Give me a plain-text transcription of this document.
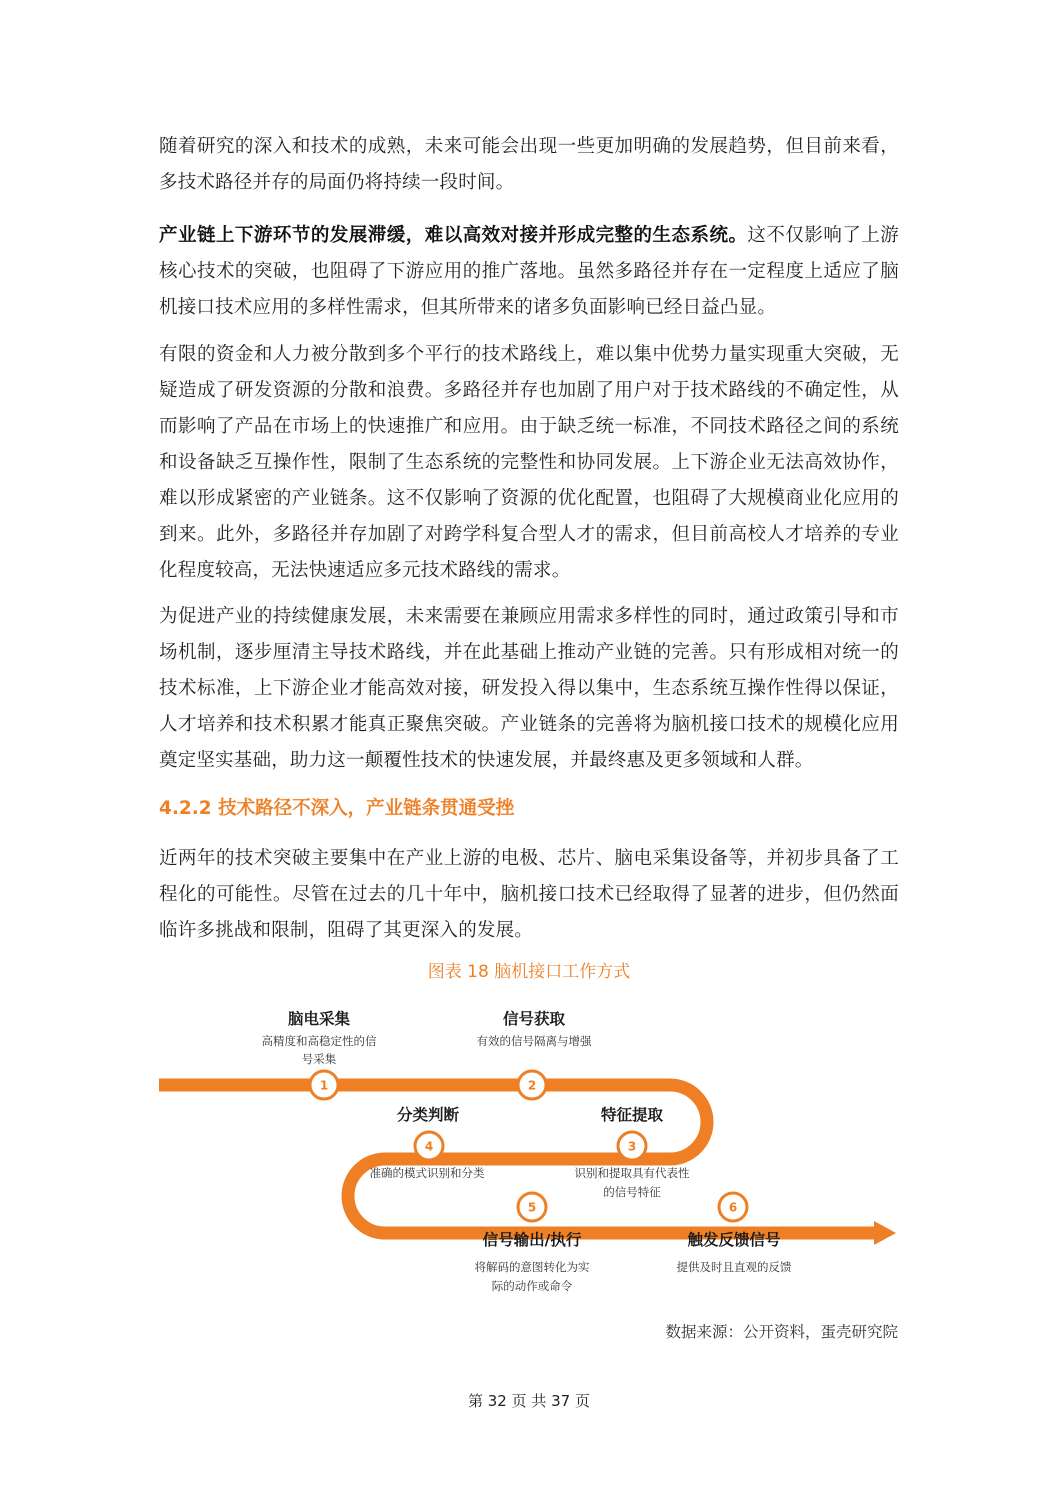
随着研究的深入和技术的成熟，未来可能会出现一些更加明确的发展趋势，但目前来看，多技术路径并存的局面仍将持续一段时间。

产业链上下游环节的发展滞缓，难以高效对接并形成完整的生态系统。这不仅影响了上游核心技术的突破，也阻碍了下游应用的推广落地。虽然多路径并存在一定程度上适应了脑机接口技术应用的多样性需求，但其所带来的诸多负面影响已经日益凸显。

有限的资金和人力被分散到多个平行的技术路线上，难以集中优势力量实现重大突破，无疑造成了研发资源的分散和浪费。多路径并存也加剧了用户对于技术路线的不确定性，从而影响了产品在市场上的快速推广和应用。由于缺乏统一标准，不同技术路径之间的系统和设备缺乏互操作性，限制了生态系统的完整性和协同发展。上下游企业无法高效协作，难以形成紧密的产业链条。这不仅影响了资源的优化配置，也阻碍了大规模商业化应用的到来。此外，多路径并存加剧了对跨学科复合型人才的需求，但目前高校人才培养的专业化程度较高，无法快速适应多元技术路线的需求。

为促进产业的持续健康发展，未来需要在兼顾应用需求多样性的同时，通过政策引导和市场机制，逐步厘清主导技术路线，并在此基础上推动产业链的完善。只有形成相对统一的技术标准，上下游企业才能高效对接，研发投入得以集中，生态系统互操作性得以保证，人才培养和技术积累才能真正聚焦突破。产业链条的完善将为脑机接口技术的规模化应用奠定坚实基础，助力这一颠覆性技术的快速发展，并最终惠及更多领域和人群。

4.2.2 技术路径不深入，产业链条贯通受挫

近两年的技术突破主要集中在产业上游的电极、芯片、脑电采集设备等，并初步具备了工程化的可能性。尽管在过去的几十年中，脑机接口技术已经取得了显著的进步，但仍然面临许多挑战和限制，阻碍了其更深入的发展。

图表 18 脑机接口工作方式
脑电采集
高精度和高稳定性的信
号采集
1
信号获取
有效的信号隔离与增强
2
特征提取
3
识别和提取具有代表性
的信号特征
分类判断
4
准确的模式识别和分类
5
信号输出/执行
将解码的意图转化为实
际的动作或命令
6
触发反馈信号
提供及时且直观的反馈
数据来源：公开资料，蛋壳研究院
第 32 页 共 37 页
